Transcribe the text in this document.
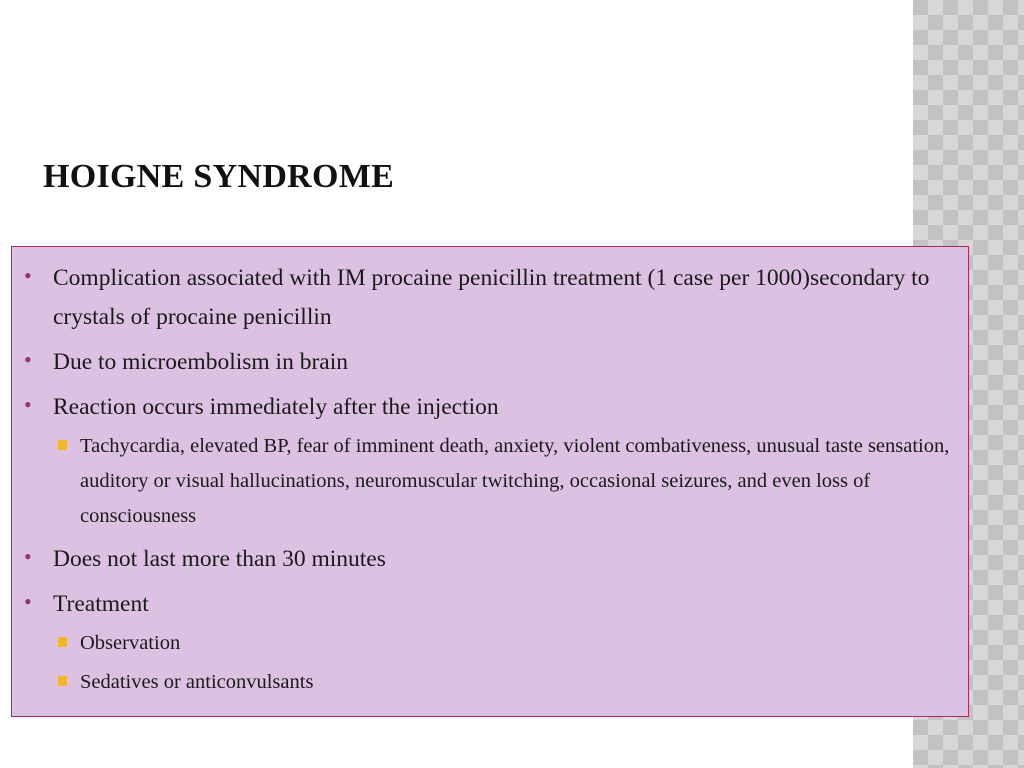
HOIGNE SYNDROME
• Complication associated with IM procaine penicillin treatment (1 case per 1000)secondary to crystals of procaine penicillin
• Due to microembolism in brain
• Reaction occurs immediately after the injection
Tachycardia, elevated BP, fear of imminent death, anxiety, violent combativeness, unusual taste sensation, auditory or visual hallucinations, neuromuscular twitching, occasional seizures, and even loss of consciousness
• Does not last more than 30 minutes
• Treatment
Observation
Sedatives or anticonvulsants
